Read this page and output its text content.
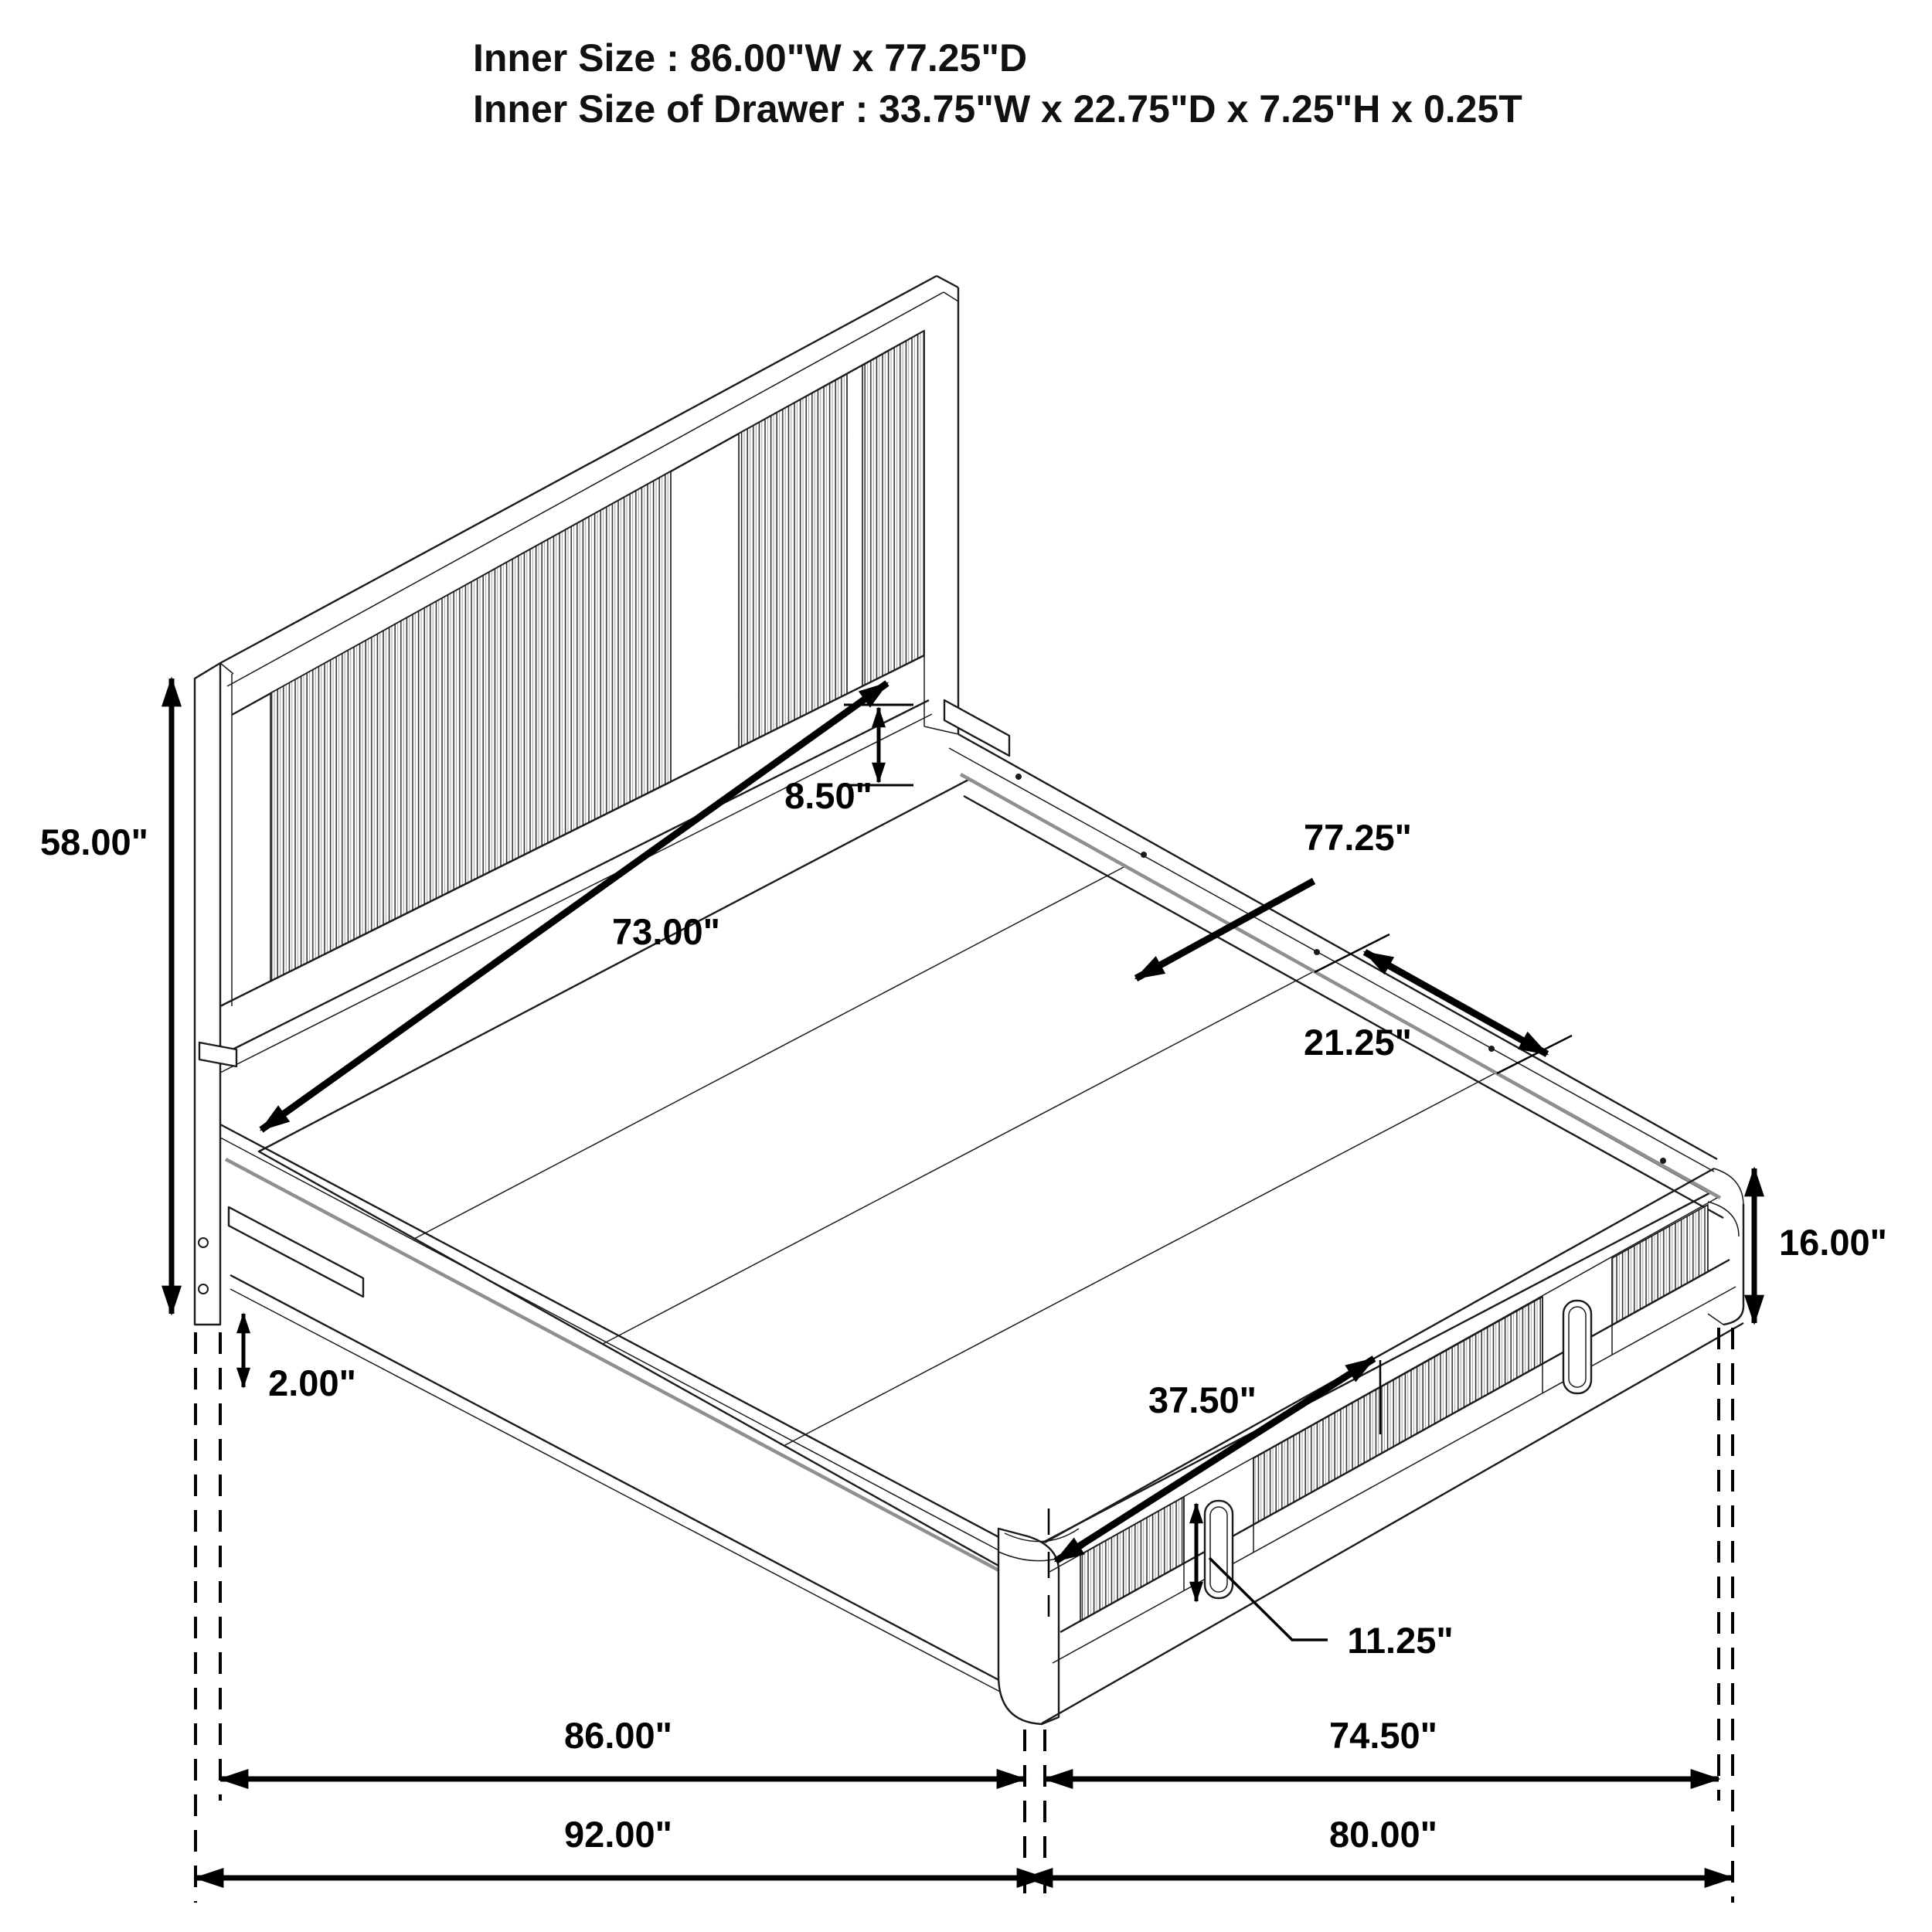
Inner Size : 86.00"W x 77.25"D
Inner Size of Drawer : 33.75"W x 22.75"D x 7.25"H x 0.25T
58.00"
2.00"
73.00"
8.50"
77.25"
21.25"
16.00"
37.50"
11.25"
86.00"	74.50"
92.00"	80.00"
